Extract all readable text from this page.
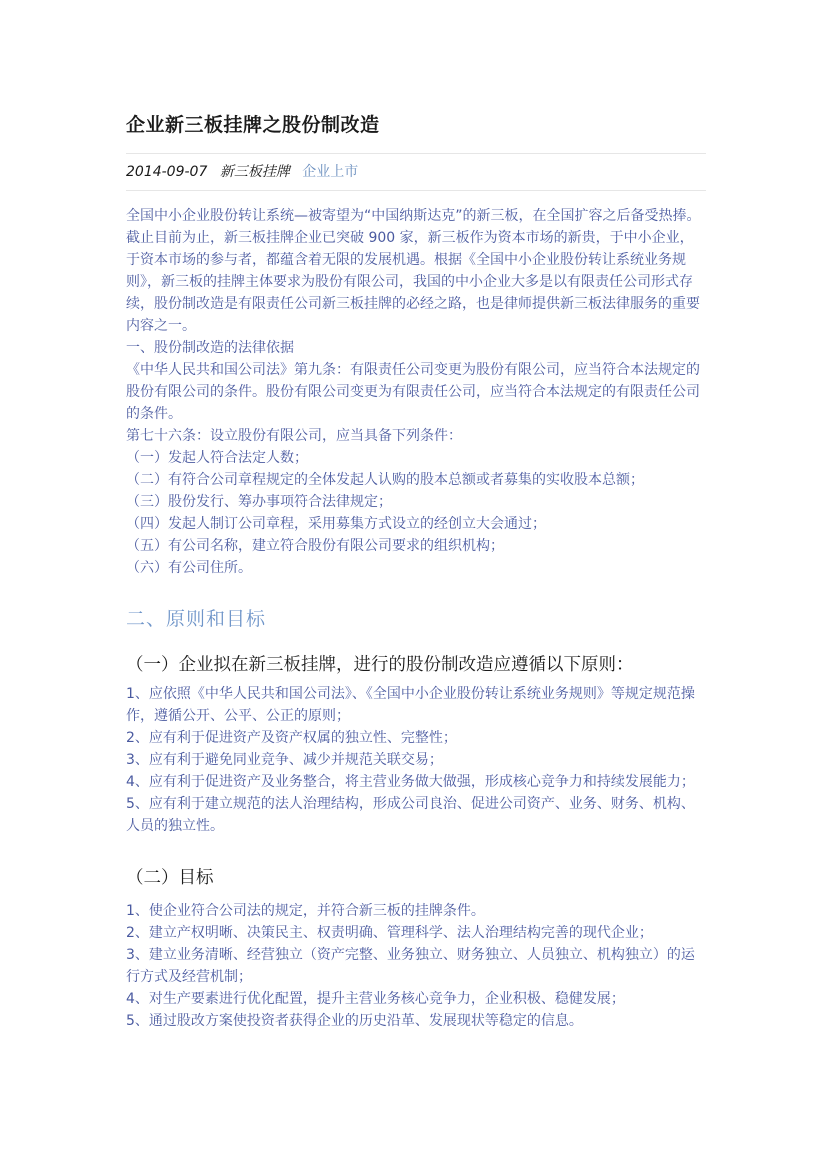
企业新三板挂牌之股份制改造
2014-09-07 新三板挂牌 企业上市

全国中小企业股份转让系统—被寄望为“中国纳斯达克”的新三板，在全国扩容之后备受热捧。截止目前为止，新三板挂牌企业已突破 900 家，新三板作为资本市场的新贵，于中小企业，于资本市场的参与者，都蕴含着无限的发展机遇。根据《全国中小企业股份转让系统业务规则》，新三板的挂牌主体要求为股份有限公司，我国的中小企业大多是以有限责任公司形式存续，股份制改造是有限责任公司新三板挂牌的必经之路，也是律师提供新三板法律服务的重要内容之一。

一、股份制改造的法律依据

《中华人民共和国公司法》第九条：有限责任公司变更为股份有限公司，应当符合本法规定的股份有限公司的条件。股份有限公司变更为有限责任公司，应当符合本法规定的有限责任公司的条件。

第七十六条：设立股份有限公司，应当具备下列条件：

（一）发起人符合法定人数；

（二）有符合公司章程规定的全体发起人认购的股本总额或者募集的实收股本总额；

（三）股份发行、筹办事项符合法律规定；

（四）发起人制订公司章程，采用募集方式设立的经创立大会通过；

（五）有公司名称，建立符合股份有限公司要求的组织机构；

（六）有公司住所。

二、原则和目标
（一）企业拟在新三板挂牌，进行的股份制改造应遵循以下原则：

1、应依照《中华人民共和国公司法》、《全国中小企业股份转让系统业务规则》等规定规范操作，遵循公开、公平、公正的原则；

2、应有利于促进资产及资产权属的独立性、完整性；

3、应有利于避免同业竞争、减少并规范关联交易；

4、应有利于促进资产及业务整合，将主营业务做大做强，形成核心竞争力和持续发展能力；

5、应有利于建立规范的法人治理结构，形成公司良治、促进公司资产、业务、财务、机构、人员的独立性。

（二）目标

1、使企业符合公司法的规定，并符合新三板的挂牌条件。

2、建立产权明晰、决策民主、权责明确、管理科学、法人治理结构完善的现代企业；

3、建立业务清晰、经营独立（资产完整、业务独立、财务独立、人员独立、机构独立）的运行方式及经营机制；

4、对生产要素进行优化配置，提升主营业务核心竞争力，企业积极、稳健发展；

5、通过股改方案使投资者获得企业的历史沿革、发展现状等稳定的信息。
